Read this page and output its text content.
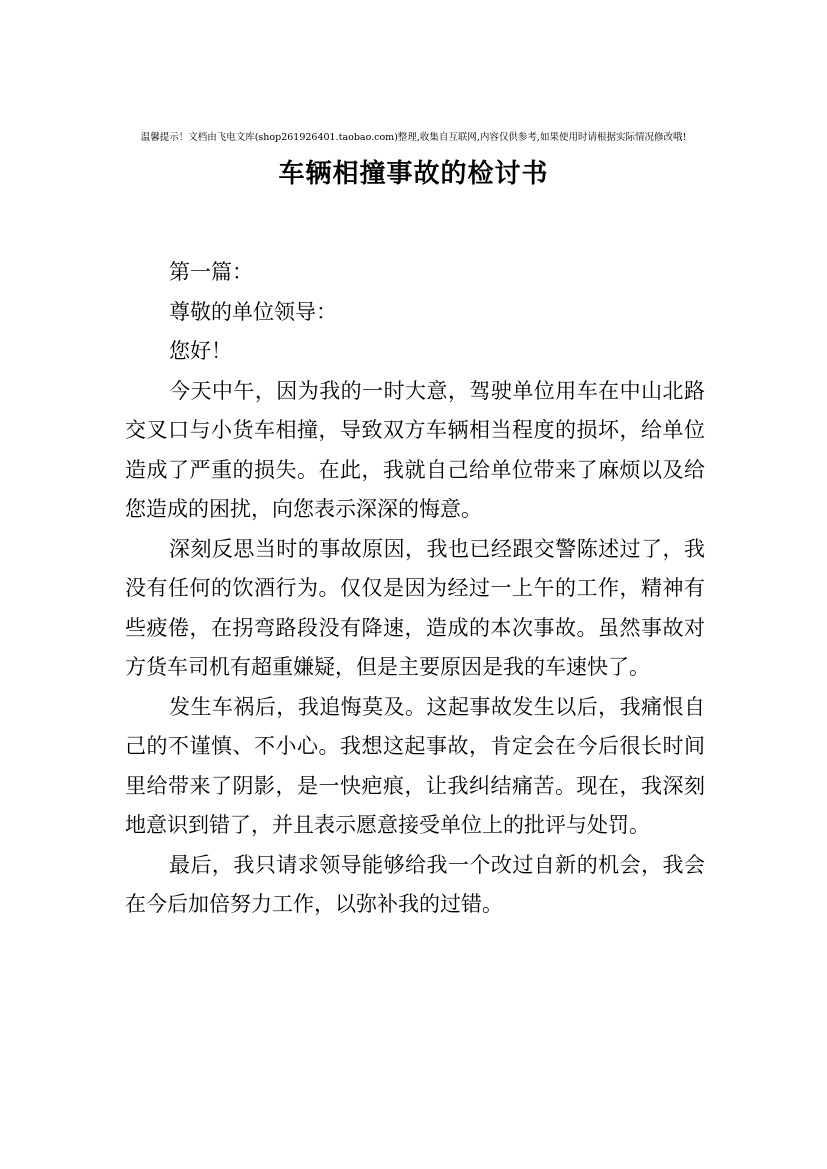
温馨提示！文档由飞电文库(shop261926401.taobao.com)整理,收集自互联网,内容仅供参考,如果使用时请根据实际情况修改哦!
车辆相撞事故的检讨书

第一篇：

尊敬的单位领导：

您好！

今天中午，因为我的一时大意，驾驶单位用车在中山北路交叉口与小货车相撞，导致双方车辆相当程度的损坏，给单位造成了严重的损失。在此，我就自己给单位带来了麻烦以及给您造成的困扰，向您表示深深的悔意。

深刻反思当时的事故原因，我也已经跟交警陈述过了，我没有任何的饮酒行为。仅仅是因为经过一上午的工作，精神有些疲倦，在拐弯路段没有降速，造成的本次事故。虽然事故对方货车司机有超重嫌疑，但是主要原因是我的车速快了。

发生车祸后，我追悔莫及。这起事故发生以后，我痛恨自己的不谨慎、不小心。我想这起事故，肯定会在今后很长时间里给带来了阴影，是一快疤痕，让我纠结痛苦。现在，我深刻地意识到错了，并且表示愿意接受单位上的批评与处罚。

最后，我只请求领导能够给我一个改过自新的机会，我会在今后加倍努力工作，以弥补我的过错。
